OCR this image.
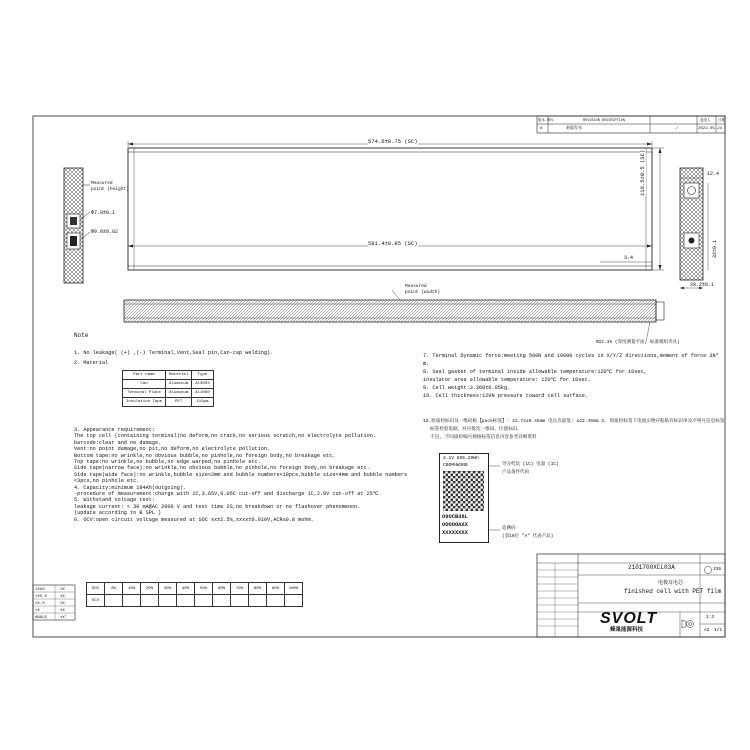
版本 REV	REVISION DESCRIPTION	更改人 日期
A	新版发布	/	2022.05.24
574.6±0.75 (SC)
581.4±0.85 (SC)
118.5±0.5 (SC)
3.4
12.4
32±0.1
20.2±0.1
Φ7.0±0.1
Φ9.0±0.02
Measured
point (height)
Measured
point (width)
Φ22.35 (厚度测量平面, 标准模组夹具)
Note
1. No leakage( (+) ,(-) Terminal,Vent,Seal pin,Can-cap welding).
2. Material
Part name	Material	Type
Can	Aluminum	Al3003
Terminal Plate	Aluminum	Al1060
Insulation Tape	PET	110μm
3. Appearance requirement:
The top cell (containing terminal)no deform,no crack,no serious scratch,no electrolyte pollution.
barcode:clear and no damage.
Vent:no point damage,no pit,no deform,no electrolyte pollution.
Bottom tape:no wrinkle,no obvious bubble,no pinhole,no foreign body,no breakage etc.
Top tape:no wrinkle,no bubble,no edge warped,no pinhole etc.
Side tape(narrow face):no wrinkle,no obvious bubble,no pinhole,no foreign body,no breakage etc.
Side tape(wide face):no wrinkle,bubble size<2mm and bubble numbers<10pcs,bubble size<4mm and bubble numbers
<3pcs,no pinhole etc.
4. Capacity:minimum 184Ah(outgoing).
-procedure of measurement:charge with 1C,3.65V,0.05C cut-off and discharge 1C,2.0V cut-off at 25℃.
5. Withstand voltage test:
leakage current: < 30 mA@AC 2000 V and test time 2S,no breakdown or no flashover phenomenon.
(update according to B SPL )
6. OCV:open circuit voltage measured at SOC xx±2.5%,xxxx±0.010V,ACR≤0.8 mohm.
SOC	0%	10%	20%	30%	40%	50%	60%	70%	80%	90%	100%
OCV											
7. Terminal Dynamic force:meeting 500N and 10000 cycles in X/Y/Z directions,moment of force 3N*
m.
8. Seal gasket of terminal inside allowable temperature:120℃ for 10sec,
insulator area allowable temperature: 120℃ for 10sec.
9. Cell weight:3.360±0.05kg.
10. Cell thickness:120N pressure toward cell surface.
12.原质检标识及一维码贴【pack标签】: 21.72±0.45mm 电压点最低: ≤22.45mm 3. 原质检标签下电池实物应粘贴有标识单及序列号信息标签
标签检验依据、对应批次一维码、位置标识、
不良, 不同质检编号规格标签信息内容参考详细资料
3.1V 595.20Wh
CBOMHW3NB
O9UCB36L
OOOOOAXX
XXXXXXXX
导分档次 (1C) 电量 (1C)
产品条件代码
追溯码
(第16位 "A" 代表产品)
×XXX	±X
×XX.X	±X
×X.X	±X
×X	±X
ANGLE	±X°
2101700XCL03A	336
电极耳电芯
finished cell with PET film
SVOLT
蜂巢能源科技
1:3
A2 1/1
